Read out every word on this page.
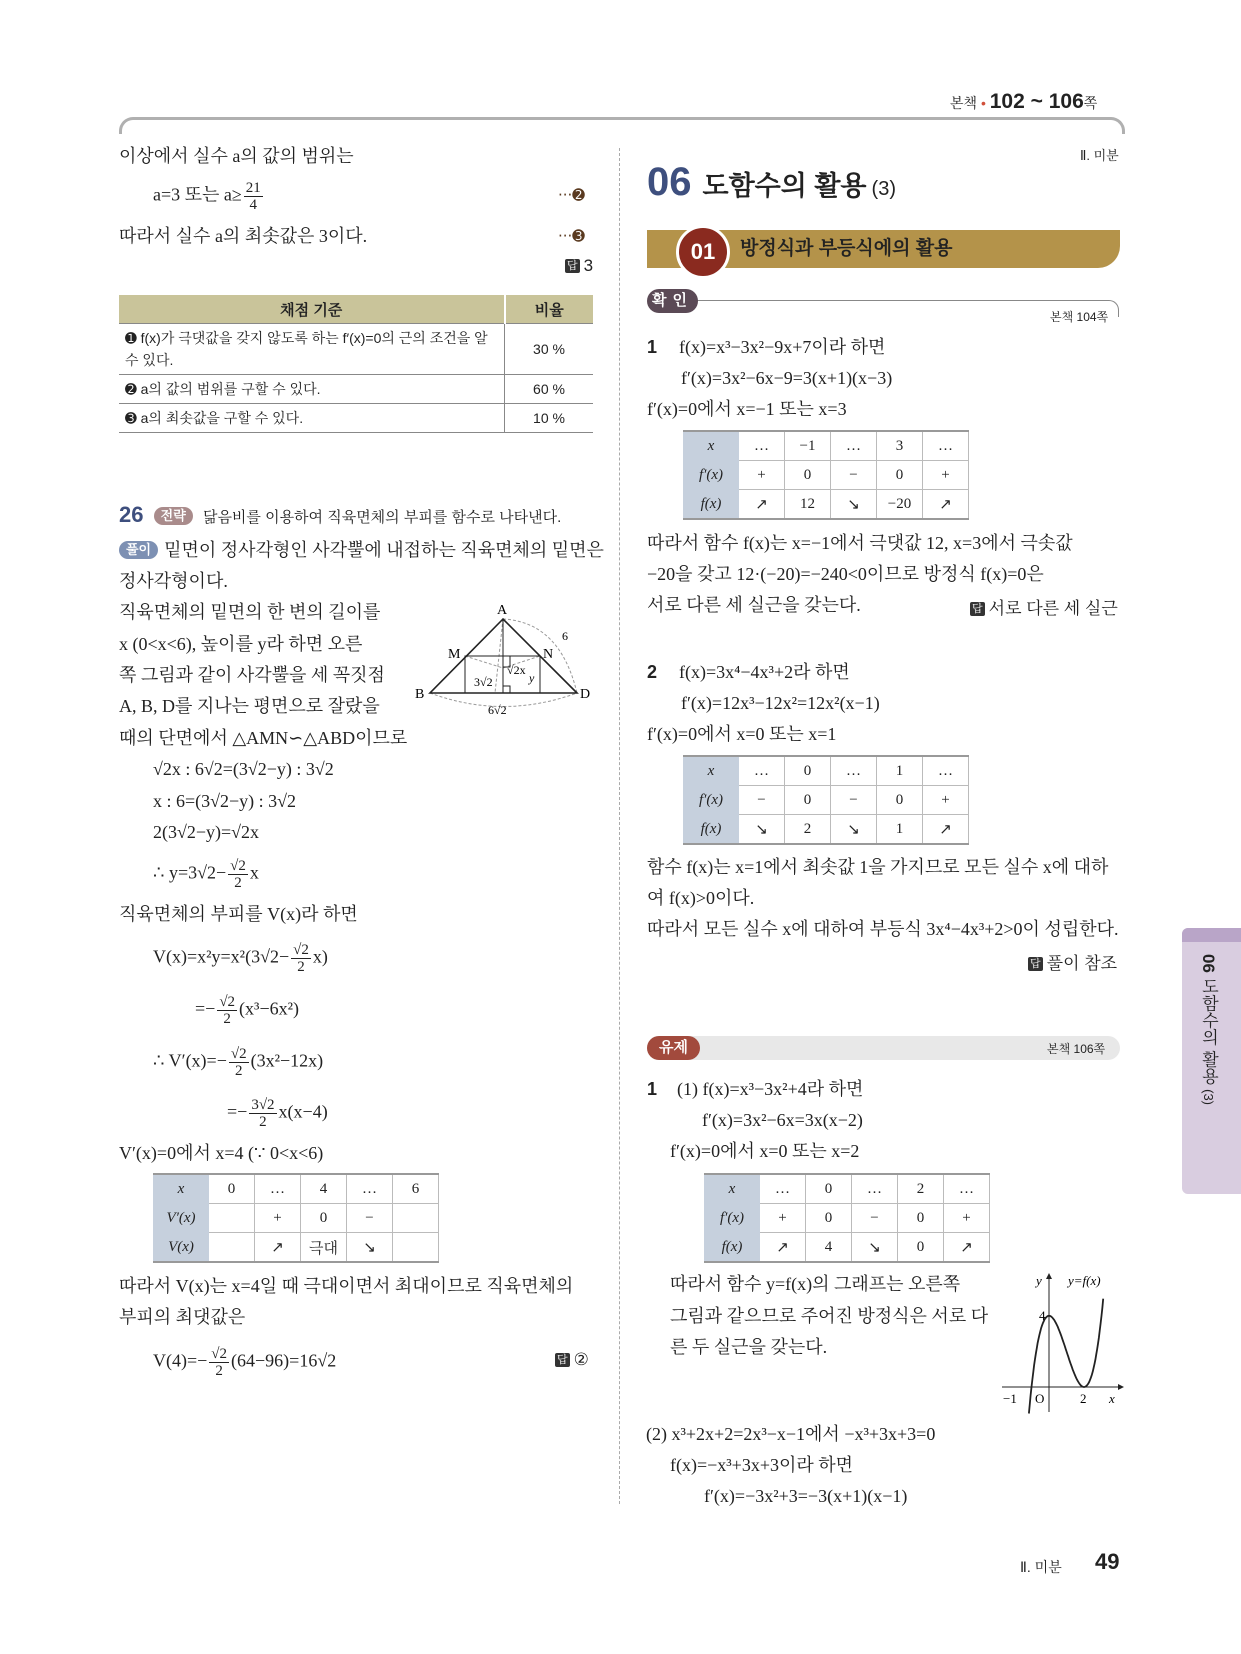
본책 • 102 ~ 106쪽
이상에서 실수 a의 값의 범위는
a=3 또는 $a\ge \frac{21}{4}$	···➋
따라서 실수 a의 최솟값은 3이다.	···➌
답 3
채점 기준	비율
➊ f(x)가 극댓값을 갖지 않도록 하는 f′(x)=0의 근의 조건을 알 수 있다.	30 %
➋ a의 값의 범위를 구할 수 있다.	60 %
➌ a의 최솟값을 구할 수 있다.	10 %
26 전략 닮음비를 이용하여 직육면체의 부피를 함수로 나타낸다.
풀이 밑면이 정사각형인 사각뿔에 내접하는 직육면체의 밑면은
정사각형이다.
직육면체의 밑면의 한 변의 길이를
x (0<x<6), 높이를 y라 하면 오른
쪽 그림과 같이 사각뿔을 세 꼭짓점
A, B, D를 지나는 평면으로 잘랐을
때의 단면에서 △AMN∽△ABD이므로
A
M	N
B	D
6
3√2
√2x
y
6√2
√2x : 6√2=(3√2−y) : 3√2
x : 6=(3√2−y) : 3√2
2(3√2−y)=√2x
∴ $y=3√2- \frac{√2}{2}$ x
직육면체의 부피를 V(x)라 하면
$V(x)=x^2y=x^2(3√2- \frac{√2}{2} x)$
=− $\frac{√2}{2} (x^3-6x^2)$
∴ $V'(x)=- \frac{√2}{2} (3x^2-12x)$
=− $\frac{3√2}{2} x(x-4)$
V′(x)=0에서 x=4 (∵ 0<x<6)
x	0	…	4	…	6
V′(x)		+	0	−	
V(x)		↗	극대	↘	
따라서 V(x)는 x=4일 때 극대이면서 최대이므로 직육면체의
부피의 최댓값은
$V(4)=- \frac{√2}{2} (64-96)=16√2$	답 ②
Ⅱ. 미분
06 도함수의 활용 (3)
01	방정식과 부등식에의 활용
확인
본책 104쪽
1 f(x)=x³−3x²−9x+7이라 하면
f′(x)=3x²−6x−9=3(x+1)(x−3)
f′(x)=0에서 x=−1 또는 x=3
x	…	−1	…	3	…
f′(x)	+	0	−	0	+
f(x)	↗	12	↘	−20	↗
따라서 함수 f(x)는 x=−1에서 극댓값 12, x=3에서 극솟값
−20을 갖고 12·(−20)=−240<0이므로 방정식 f(x)=0은
서로 다른 세 실근을 갖는다.	답 서로 다른 세 실근
2 f(x)=3x⁴−4x³+2라 하면
f′(x)=12x³−12x²=12x²(x−1)
f′(x)=0에서 x=0 또는 x=1
x	…	0	…	1	…
f′(x)	−	0	−	0	+
f(x)	↘	2	↘	1	↗
함수 f(x)는 x=1에서 최솟값 1을 가지므로 모든 실수 x에 대하
여 f(x)>0이다.
따라서 모든 실수 x에 대하여 부등식 3x⁴−4x³+2>0이 성립한다.
답 풀이 참조
유제	본책 106쪽
1 (1) f(x)=x³−3x²+4라 하면
f′(x)=3x²−6x=3x(x−2)
f′(x)=0에서 x=0 또는 x=2
x	…	0	…	2	…
f′(x)	+	0	−	0	+
f(x)	↗	4	↘	0	↗
따라서 함수 y=f(x)의 그래프는 오른쪽
그림과 같으므로 주어진 방정식은 서로 다
른 두 실근을 갖는다.
y y=f(x)
4
−1 O	2 x
(2) x³+2x+2=2x³−x−1에서 −x³+3x+3=0
f(x)=−x³+3x+3이라 하면
f′(x)=−3x²+3=−3(x+1)(x−1)
06 도함수의 활용 (3)
Ⅱ. 미분 49
